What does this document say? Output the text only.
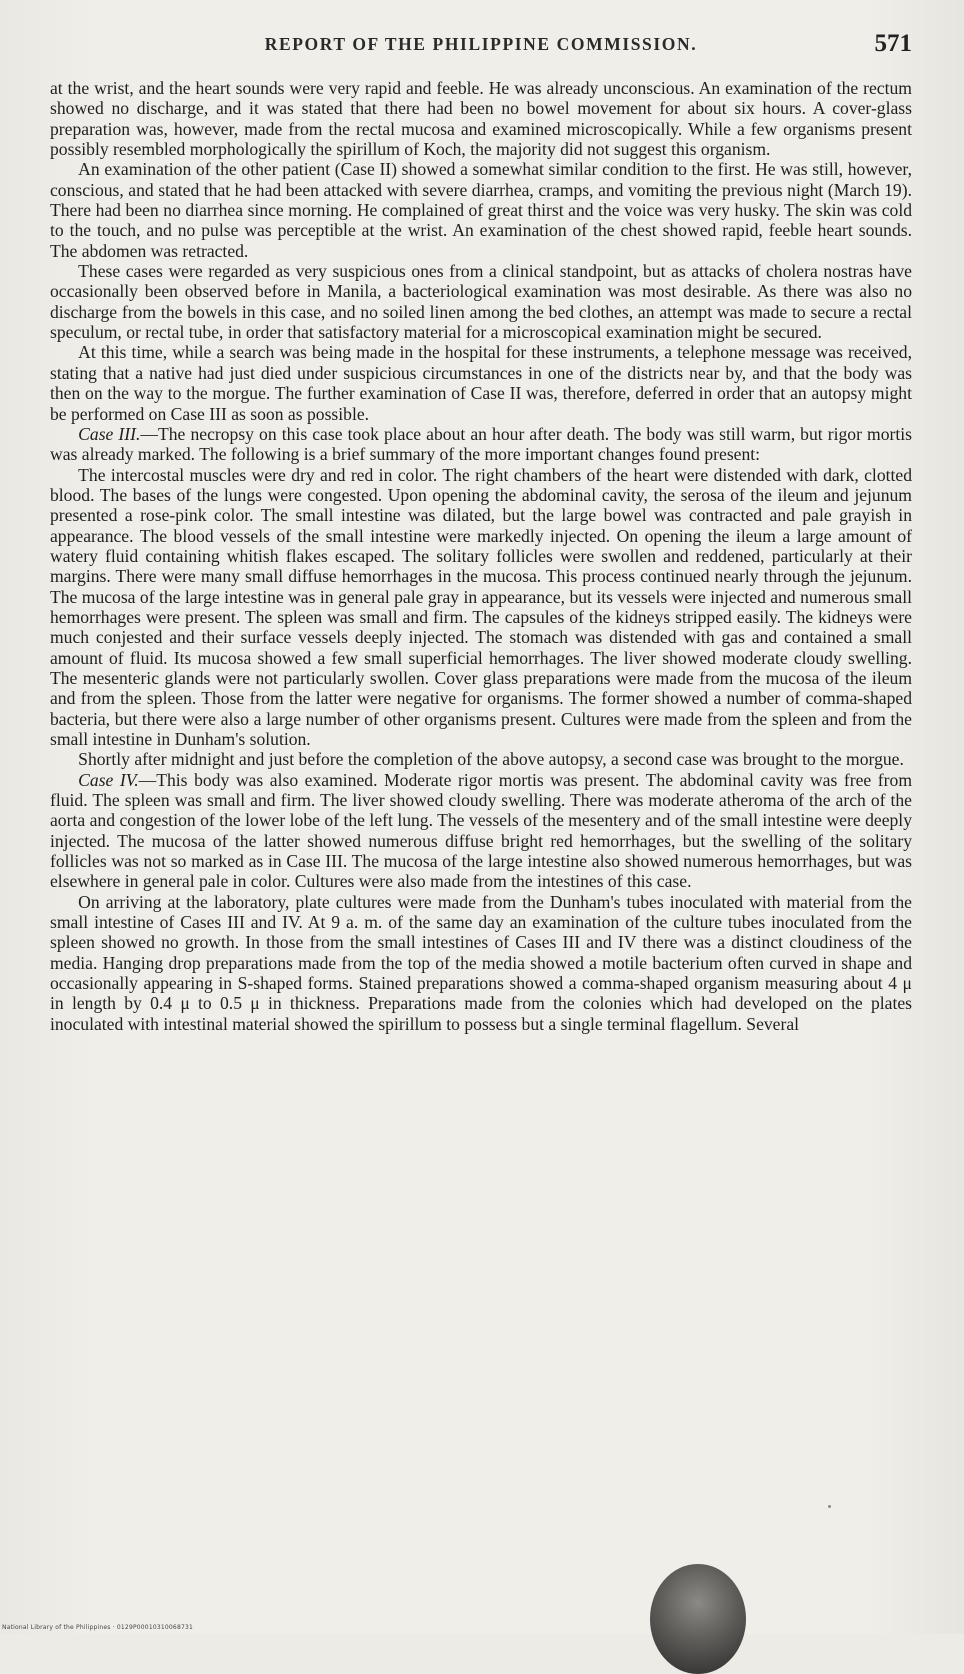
REPORT OF THE PHILIPPINE COMMISSION.	571

at the wrist, and the heart sounds were very rapid and feeble. He was already unconscious. An examination of the rectum showed no discharge, and it was stated that there had been no bowel movement for about six hours. A cover-glass preparation was, however, made from the rectal mucosa and examined microscopically. While a few organisms present possibly resembled morphologically the spirillum of Koch, the majority did not suggest this organism.

An examination of the other patient (Case II) showed a somewhat similar condition to the first. He was still, however, conscious, and stated that he had been attacked with severe diarrhea, cramps, and vomiting the previous night (March 19). There had been no diarrhea since morning. He complained of great thirst and the voice was very husky. The skin was cold to the touch, and no pulse was perceptible at the wrist. An examination of the chest showed rapid, feeble heart sounds. The abdomen was retracted.

These cases were regarded as very suspicious ones from a clinical standpoint, but as attacks of cholera nostras have occasionally been observed before in Manila, a bacteriological examination was most desirable. As there was also no discharge from the bowels in this case, and no soiled linen among the bed clothes, an attempt was made to secure a rectal speculum, or rectal tube, in order that satisfactory material for a microscopical examination might be secured.

At this time, while a search was being made in the hospital for these instruments, a telephone message was received, stating that a native had just died under suspicious circumstances in one of the districts near by, and that the body was then on the way to the morgue. The further examination of Case II was, therefore, deferred in order that an autopsy might be performed on Case III as soon as possible.

Case III.—The necropsy on this case took place about an hour after death. The body was still warm, but rigor mortis was already marked. The following is a brief summary of the more important changes found present:

The intercostal muscles were dry and red in color. The right chambers of the heart were distended with dark, clotted blood. The bases of the lungs were congested. Upon opening the abdominal cavity, the serosa of the ileum and jejunum presented a rose-pink color. The small intestine was dilated, but the large bowel was contracted and pale grayish in appearance. The blood vessels of the small intestine were markedly injected. On opening the ileum a large amount of watery fluid containing whitish flakes escaped. The solitary follicles were swollen and reddened, particularly at their margins. There were many small diffuse hemorrhages in the mucosa. This process continued nearly through the jejunum. The mucosa of the large intestine was in general pale gray in appearance, but its vessels were injected and numerous small hemorrhages were present. The spleen was small and firm. The capsules of the kidneys stripped easily. The kidneys were much conjested and their surface vessels deeply injected. The stomach was distended with gas and contained a small amount of fluid. Its mucosa showed a few small superficial hemorrhages. The liver showed moderate cloudy swelling. The mesenteric glands were not particularly swollen. Cover glass preparations were made from the mucosa of the ileum and from the spleen. Those from the latter were negative for organisms. The former showed a number of comma-shaped bacteria, but there were also a large number of other organisms present. Cultures were made from the spleen and from the small intestine in Dunham's solution.

Shortly after midnight and just before the completion of the above autopsy, a second case was brought to the morgue.

Case IV.—This body was also examined. Moderate rigor mortis was present. The abdominal cavity was free from fluid. The spleen was small and firm. The liver showed cloudy swelling. There was moderate atheroma of the arch of the aorta and congestion of the lower lobe of the left lung. The vessels of the mesentery and of the small intestine were deeply injected. The mucosa of the latter showed numerous diffuse bright red hemorrhages, but the swelling of the solitary follicles was not so marked as in Case III. The mucosa of the large intestine also showed numerous hemorrhages, but was elsewhere in general pale in color. Cultures were also made from the intestines of this case.

On arriving at the laboratory, plate cultures were made from the Dunham's tubes inoculated with material from the small intestine of Cases III and IV. At 9 a. m. of the same day an examination of the culture tubes inoculated from the spleen showed no growth. In those from the small intestines of Cases III and IV there was a distinct cloudiness of the media. Hanging drop preparations made from the top of the media showed a motile bacterium often curved in shape and occasionally appearing in S-shaped forms. Stained preparations showed a comma-shaped organism measuring about 4 μ in length by 0.4 μ to 0.5 μ in thickness. Preparations made from the colonies which had developed on the plates inoculated with intestinal material showed the spirillum to possess but a single terminal flagellum. Several

National Library of the Philippines · 0129P00010310068731
